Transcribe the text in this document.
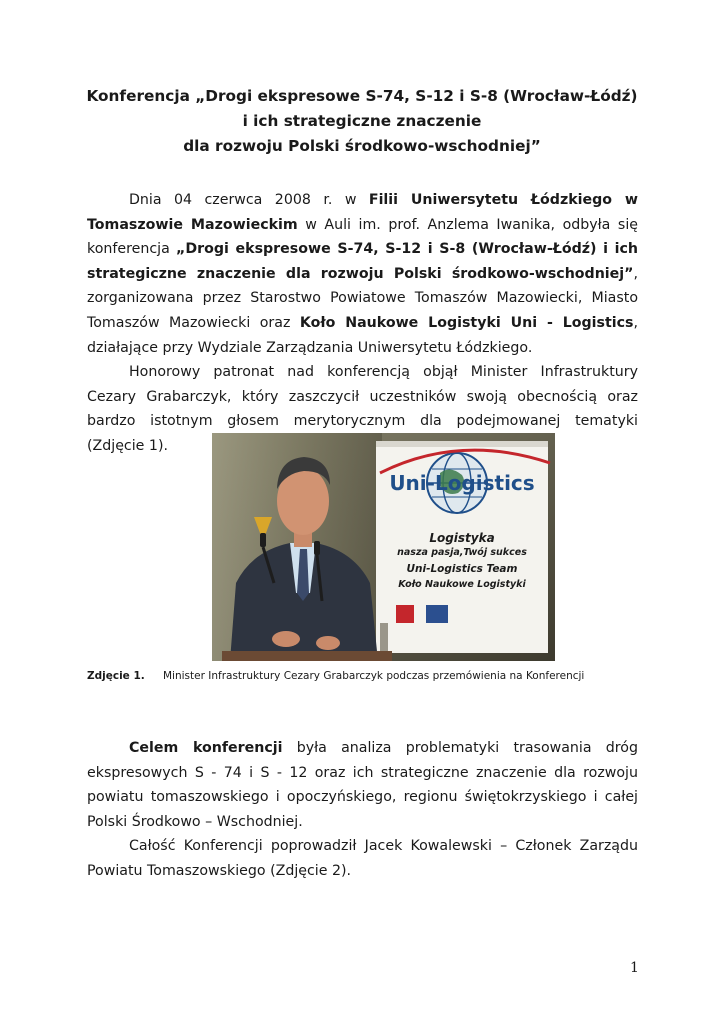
Konferencja „Drogi ekspresowe S-74, S-12 i S-8 (Wrocław-Łódź)
i ich strategiczne znaczenie
dla rozwoju Polski środkowo-wschodniej”

Dnia 04 czerwca 2008 r. w Filii Uniwersytetu Łódzkiego w Tomaszowie Mazowieckim w Auli im. prof. Anzlema Iwanika, odbyła się konferencja „Drogi ekspresowe S-74, S-12 i S-8 (Wrocław-Łódź) i ich strategiczne znaczenie dla rozwoju Polski środkowo-wschodniej”, zorganizowana przez Starostwo Powiatowe Tomaszów Mazowiecki, Miasto Tomaszów Mazowiecki oraz Koło Naukowe Logistyki Uni - Logistics, działające przy Wydziale Zarządzania Uniwersytetu Łódzkiego.

Honorowy patronat nad konferencją objął Minister Infrastruktury Cezary Grabarczyk, który zaszczycił uczestników swoją obecnością oraz bardzo istotnym głosem merytorycznym dla podejmowanej tematyki (Zdjęcie 1).

Uni-Logistics
Logistyka
nasza pasja,Twój sukces
Uni-Logistics Team
Koło Naukowe Logistyki
Zdjęcie 1. Minister Infrastruktury Cezary Grabarczyk podczas przemówienia na Konferencji

Celem konferencji była analiza problematyki trasowania dróg ekspresowych S - 74 i S - 12 oraz ich strategiczne znaczenie dla rozwoju powiatu tomaszowskiego i opoczyńskiego, regionu świętokrzyskiego i całej Polski Środkowo – Wschodniej.

Całość Konferencji poprowadził Jacek Kowalewski – Członek Zarządu Powiatu Tomaszowskiego (Zdjęcie 2).

1
